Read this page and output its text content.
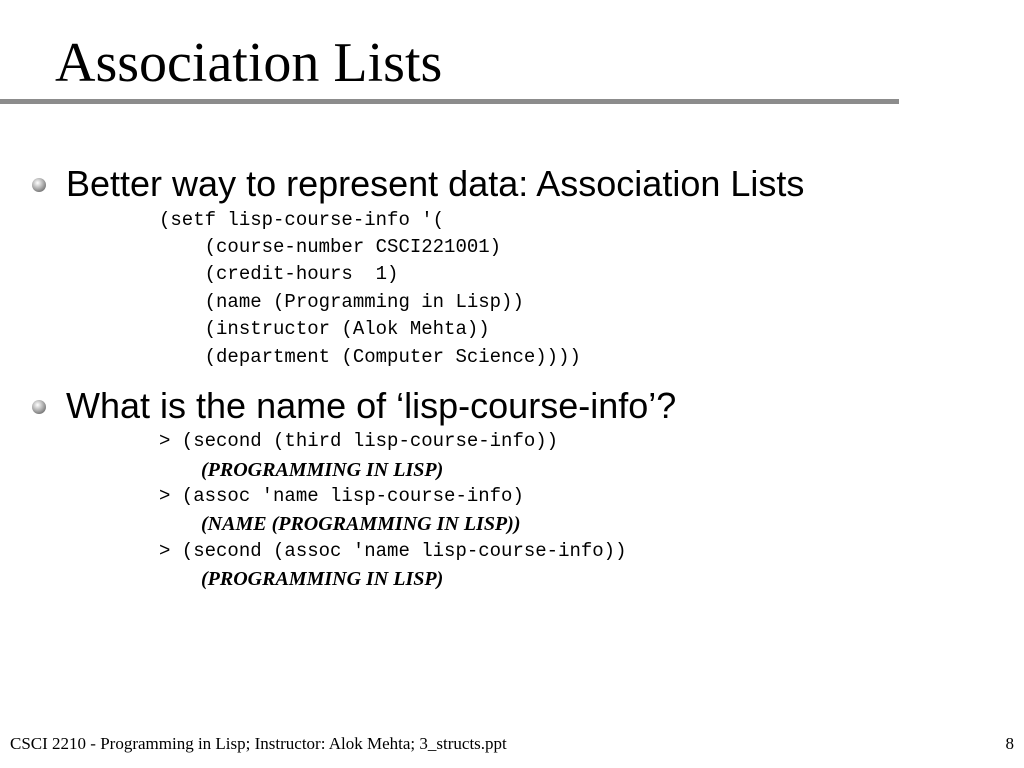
Association Lists

Better way to represent data: Association Lists

(setf lisp-course-info '(
(course-number CSCI221001)
(credit-hours  1)
(name (Programming in Lisp))
(instructor (Alok Mehta))
(department (Computer Science))))

What is the name of ‘lisp-course-info’?

> (second (third lisp-course-info))

(PROGRAMMING IN LISP)

> (assoc 'name lisp-course-info)

(NAME (PROGRAMMING IN LISP))

> (second (assoc 'name lisp-course-info))

(PROGRAMMING IN LISP)

CSCI 2210 - Programming in Lisp; Instructor: Alok Mehta; 3_structs.ppt	8
